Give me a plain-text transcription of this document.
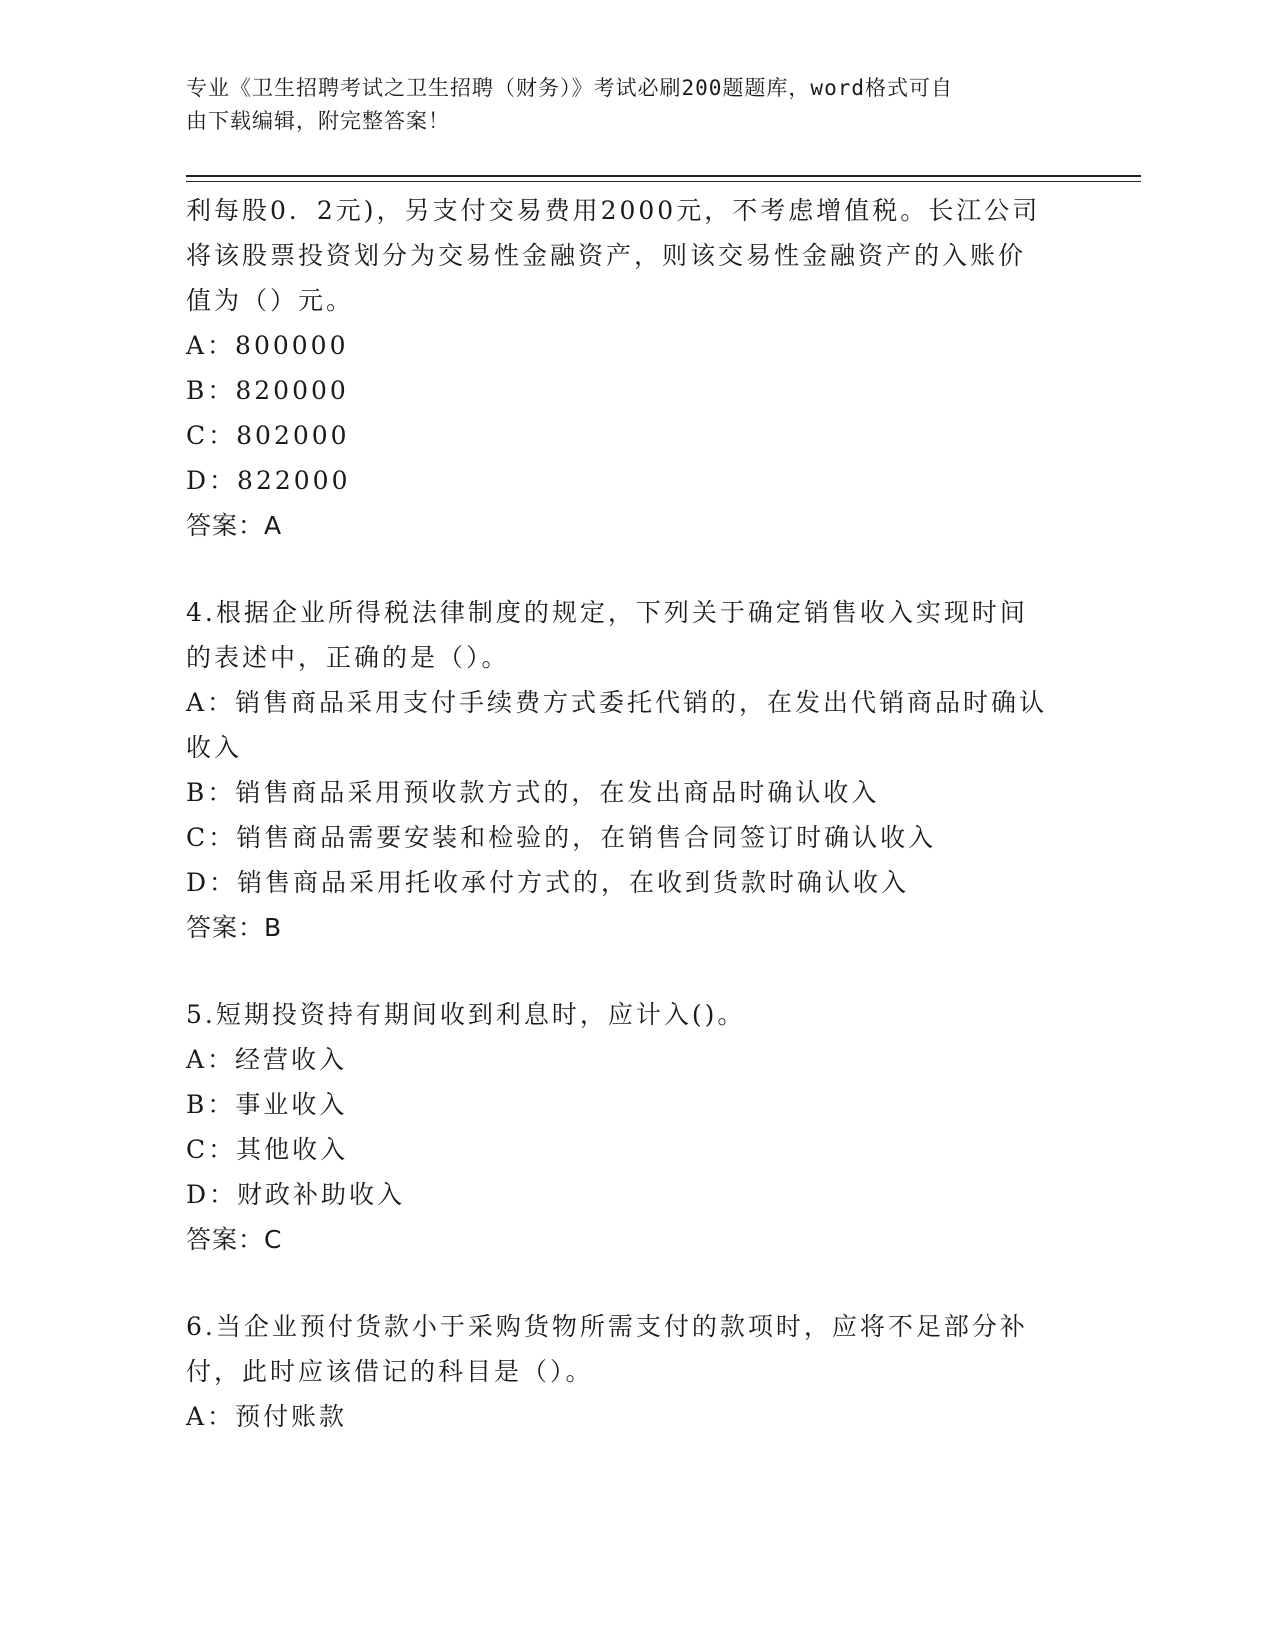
专业《卫生招聘考试之卫生招聘（财务）》考试必刷200题题库，word格式可自
由下载编辑，附完整答案！
利每股0．2元)，另支付交易费用2000元，不考虑增值税。长江公司
将该股票投资划分为交易性金融资产，则该交易性金融资产的入账价
值为（）元。
A：800000
B：820000
C：802000
D：822000
答案：A
4.根据企业所得税法律制度的规定，下列关于确定销售收入实现时间
的表述中，正确的是（）。
A：销售商品采用支付手续费方式委托代销的，在发出代销商品时确认
收入
B：销售商品采用预收款方式的，在发出商品时确认收入
C：销售商品需要安装和检验的，在销售合同签订时确认收入
D：销售商品采用托收承付方式的，在收到货款时确认收入
答案：B
5.短期投资持有期间收到利息时，应计入()。
A：经营收入
B：事业收入
C：其他收入
D：财政补助收入
答案：C
6.当企业预付货款小于采购货物所需支付的款项时，应将不足部分补
付，此时应该借记的科目是（）。
A：预付账款
